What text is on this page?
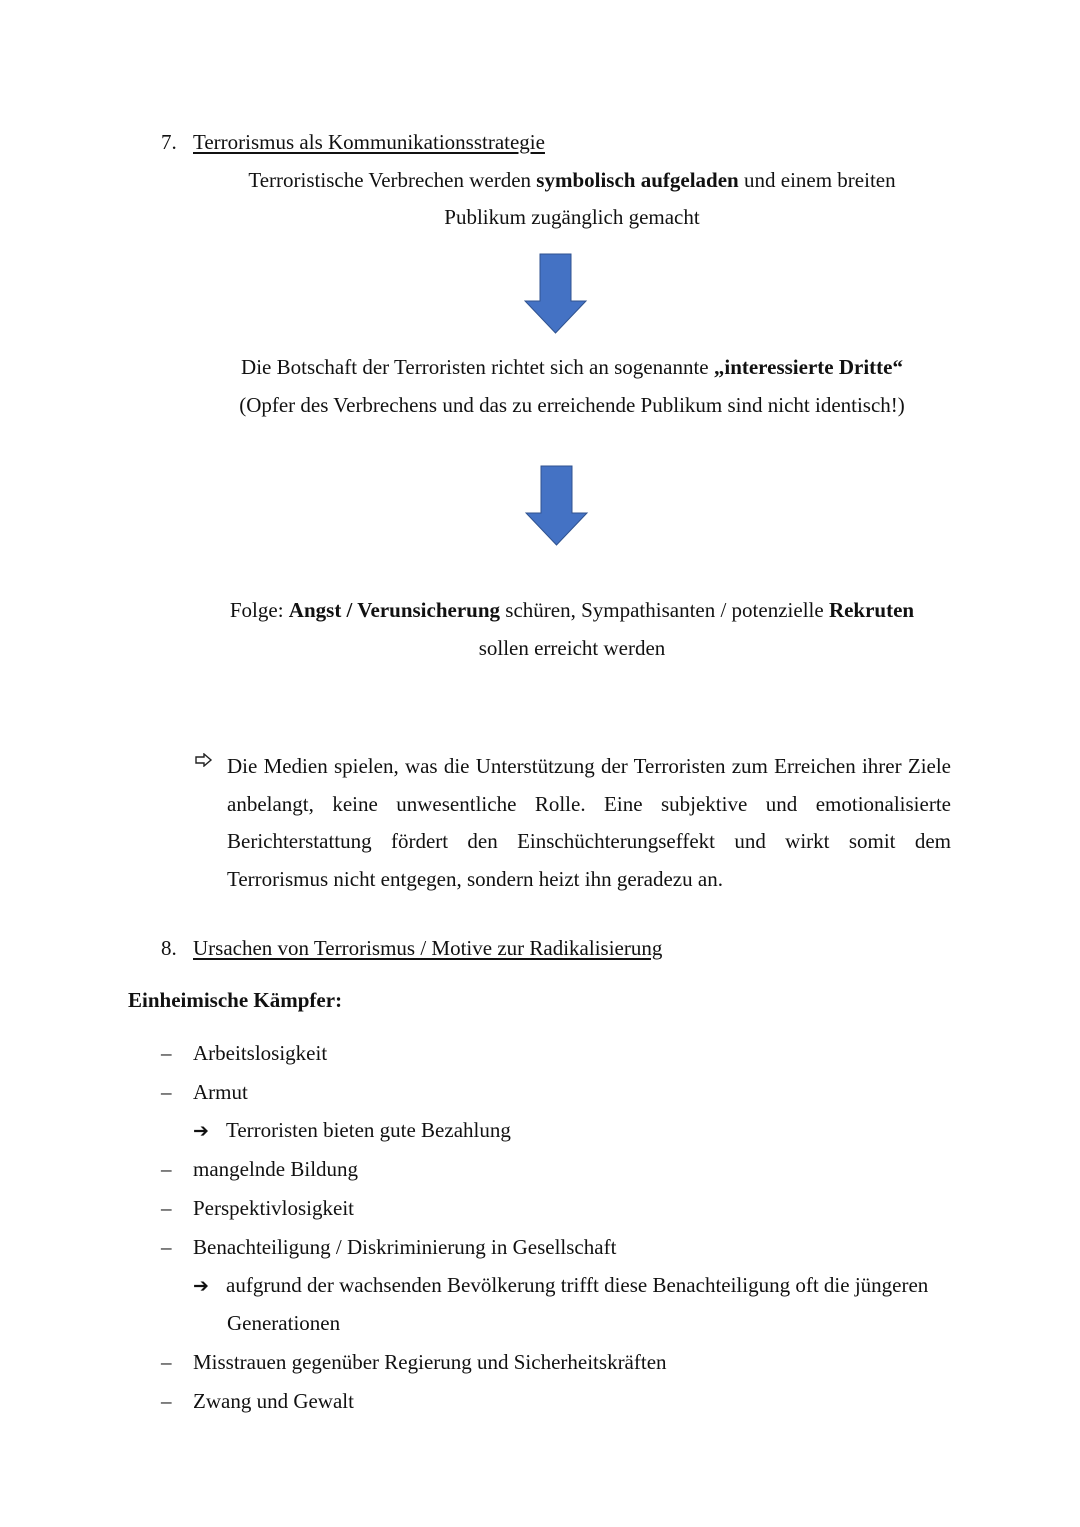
7. Terrorismus als Kommunikationsstrategie
Terroristische Verbrechen werden symbolisch aufgeladen und einem breiten
Publikum zugänglich gemacht
Die Botschaft der Terroristen richtet sich an sogenannte „interessierte Dritte“
(Opfer des Verbrechens und das zu erreichende Publikum sind nicht identisch!)
Folge: Angst / Verunsicherung schüren, Sympathisanten / potenzielle Rekruten
sollen erreicht werden
Die Medien spielen, was die Unterstützung der Terroristen zum Erreichen ihrer Ziele anbelangt, keine unwesentliche Rolle. Eine subjektive und emotionalisierte Berichterstattung fördert den Einschüchterungseffekt und wirkt somit dem Terrorismus nicht entgegen, sondern heizt ihn geradezu an.
8. Ursachen von Terrorismus / Motive zur Radikalisierung
Einheimische Kämpfer:
– Arbeitslosigkeit
– Armut
➔ Terroristen bieten gute Bezahlung
– mangelnde Bildung
– Perspektivlosigkeit
– Benachteiligung / Diskriminierung in Gesellschaft
➔ aufgrund der wachsenden Bevölkerung trifft diese Benachteiligung oft die jüngeren
Generationen
– Misstrauen gegenüber Regierung und Sicherheitskräften
– Zwang und Gewalt
